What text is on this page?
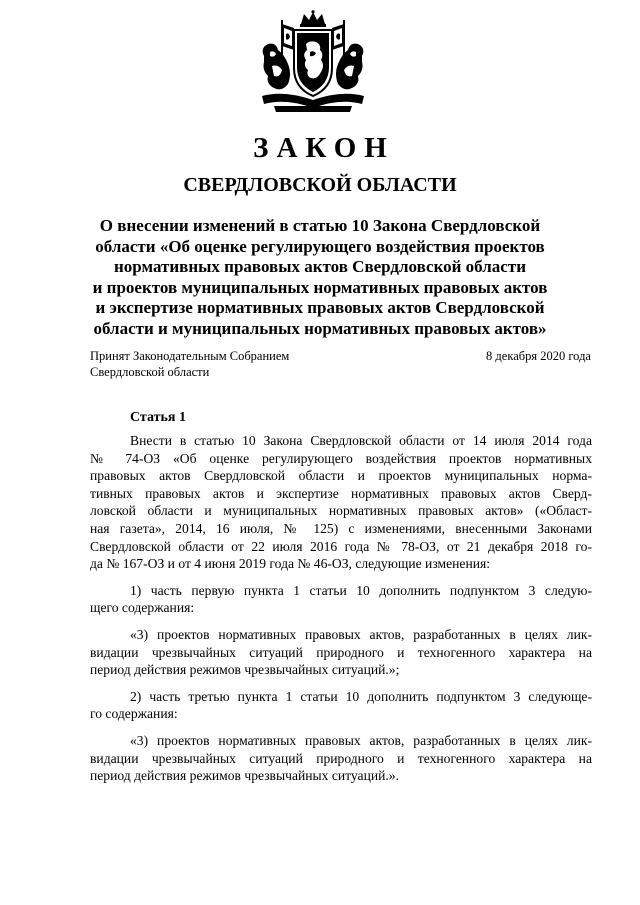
ЗАКОН
СВЕРДЛОВСКОЙ ОБЛАСТИ
О внесении изменений в статью 10 Закона Свердловской
области «Об оценке регулирующего воздействия проектов
нормативных правовых актов Свердловской области
и проектов муниципальных нормативных правовых актов
и экспертизе нормативных правовых актов Свердловской
области и муниципальных нормативных правовых актов»
Принят Законодательным Собранием
Свердловской области
8 декабря 2020 года
Статья 1
Внести в статью 10 Закона Свердловской области от 14 июля 2014 года
№ 74-ОЗ «Об оценке регулирующего воздействия проектов нормативных
правовых актов Свердловской области и проектов муниципальных норма-
тивных правовых актов и экспертизе нормативных правовых актов Сверд-
ловской области и муниципальных нормативных правовых актов» («Област-
ная газета», 2014, 16 июля, № 125) с изменениями, внесенными Законами
Свердловской области от 22 июля 2016 года № 78-ОЗ, от 21 декабря 2018 го-
да № 167-ОЗ и от 4 июня 2019 года № 46-ОЗ, следующие изменения:
1) часть первую пункта 1 статьи 10 дополнить подпунктом 3 следую-
щего содержания:
«3) проектов нормативных правовых актов, разработанных в целях лик-
видации чрезвычайных ситуаций природного и техногенного характера на
период действия режимов чрезвычайных ситуаций.»;
2) часть третью пункта 1 статьи 10 дополнить подпунктом 3 следующе-
го содержания:
«3) проектов нормативных правовых актов, разработанных в целях лик-
видации чрезвычайных ситуаций природного и техногенного характера на
период действия режимов чрезвычайных ситуаций.».
